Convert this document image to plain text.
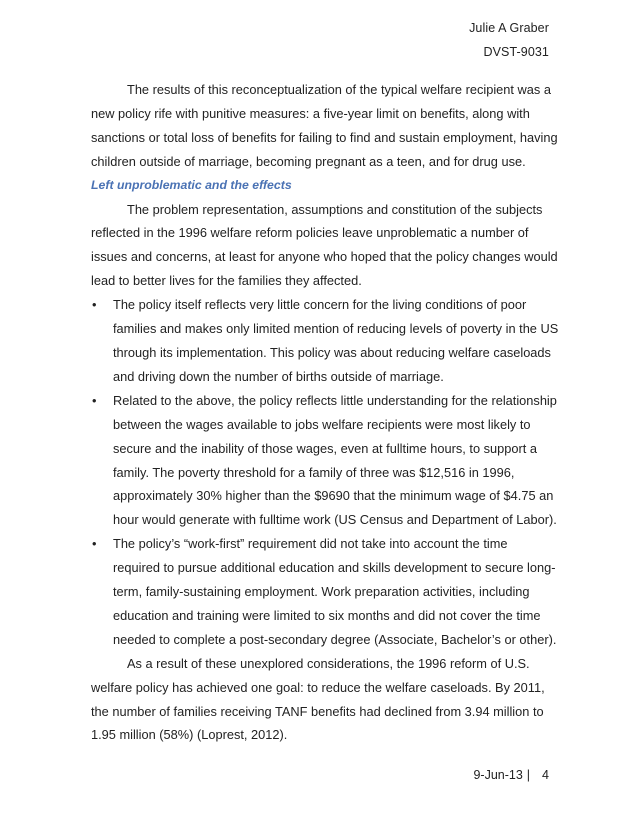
Julie A Graber
DVST-9031

The results of this reconceptualization of the typical welfare recipient was a
new policy rife with punitive measures: a five-year limit on benefits, along with
sanctions or total loss of benefits for failing to find and sustain employment, having
children outside of marriage, becoming pregnant as a teen, and for drug use.

Left unproblematic and the effects

The problem representation, assumptions and constitution of the subjects
reflected in the 1996 welfare reform policies leave unproblematic a number of
issues and concerns, at least for anyone who hoped that the policy changes would
lead to better lives for the families they affected.

• The policy itself reflects very little concern for the living conditions of poor
families and makes only limited mention of reducing levels of poverty in the US
through its implementation. This policy was about reducing welfare caseloads
and driving down the number of births outside of marriage.
• Related to the above, the policy reflects little understanding for the relationship
between the wages available to jobs welfare recipients were most likely to
secure and the inability of those wages, even at fulltime hours, to support a
family. The poverty threshold for a family of three was $12,516 in 1996,
approximately 30% higher than the $9690 that the minimum wage of $4.75 an
hour would generate with fulltime work (US Census and Department of Labor).
• The policy’s “work-first” requirement did not take into account the time
required to pursue additional education and skills development to secure long-
term, family-sustaining employment. Work preparation activities, including
education and training were limited to six months and did not cover the time
needed to complete a post-secondary degree (Associate, Bachelor’s or other).

As a result of these unexplored considerations, the 1996 reform of U.S.
welfare policy has achieved one goal: to reduce the welfare caseloads. By 2011,
the number of families receiving TANF benefits had declined from 3.94 million to
1.95 million (58%) (Loprest, 2012).

9-Jun-13 | 4
